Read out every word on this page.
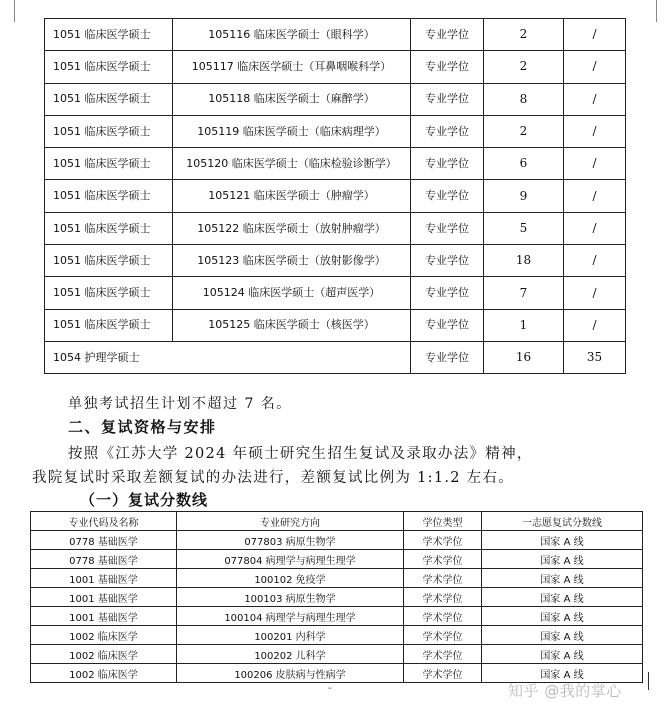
1051 临床医学硕士	105116 临床医学硕士（眼科学）	专业学位	2	/
1051 临床医学硕士	105117 临床医学硕士（耳鼻咽喉科学）	专业学位	2	/
1051 临床医学硕士	105118 临床医学硕士（麻醉学）	专业学位	8	/
1051 临床医学硕士	105119 临床医学硕士（临床病理学）	专业学位	2	/
1051 临床医学硕士	105120 临床医学硕士（临床检验诊断学）	专业学位	6	/
1051 临床医学硕士	105121 临床医学硕士（肿瘤学）	专业学位	9	/
1051 临床医学硕士	105122 临床医学硕士（放射肿瘤学）	专业学位	5	/
1051 临床医学硕士	105123 临床医学硕士（放射影像学）	专业学位	18	/
1051 临床医学硕士	105124 临床医学硕士（超声医学）	专业学位	7	/
1051 临床医学硕士	105125 临床医学硕士（核医学）	专业学位	1	/
1054 护理学硕士		专业学位	16	35
单独考试招生计划不超过 7 名。
二、复试资格与安排
按照《江苏大学 2024 年硕士研究生招生复试及录取办法》精神，
我院复试时采取差额复试的办法进行，差额复试比例为 1:1.2 左右。
（一）复试分数线
专业代码及名称	专业研究方向	学位类型	一志愿复试分数线
0778 基础医学	077803 病原生物学	学术学位	国家 A 线
0778 基础医学	077804 病理学与病理生理学	学术学位	国家 A 线
1001 基础医学	100102 免疫学	学术学位	国家 A 线
1001 基础医学	100103 病原生物学	学术学位	国家 A 线
1001 基础医学	100104 病理学与病理生理学	学术学位	国家 A 线
1002 临床医学	100201 内科学	学术学位	国家 A 线
1002 临床医学	100202 儿科学	学术学位	国家 A 线
1002 临床医学	100206 皮肤病与性病学	学术学位	国家 A 线
-	知乎 @我的掌心
